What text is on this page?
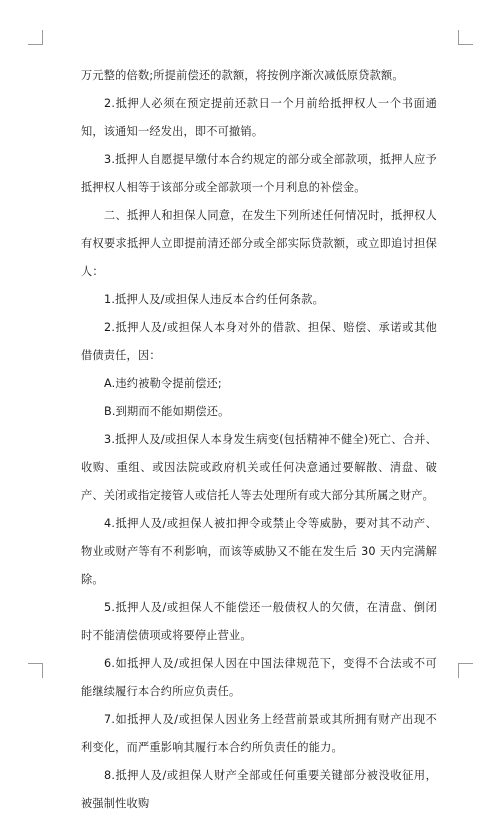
万元整的倍数;所提前偿还的款额，将按例序渐次减低原贷款额。

2.抵押人必须在预定提前还款日一个月前给抵押权人一个书面通知，该通知一经发出，即不可撤销。

3.抵押人自愿提早缴付本合约规定的部分或全部款项，抵押人应予抵押权人相等于该部分或全部款项一个月利息的补偿金。

二、抵押人和担保人同意，在发生下列所述任何情况时，抵押权人有权要求抵押人立即提前清还部分或全部实际贷款额，或立即追讨担保人：

1.抵押人及/或担保人违反本合约任何条款。

2.抵押人及/或担保人本身对外的借款、担保、赔偿、承诺或其他借债责任，因：

A.违约被勒令提前偿还;

B.到期而不能如期偿还。

3.抵押人及/或担保人本身发生病变(包括精神不健全)死亡、合并、收购、重组、或因法院或政府机关或任何决意通过要解散、清盘、破产、关闭或指定接管人或信托人等去处理所有或大部分其所属之财产。

4.抵押人及/或担保人被扣押令或禁止令等威胁，要对其不动产、物业或财产等有不利影响，而该等威胁又不能在发生后 30 天内完满解除。

5.抵押人及/或担保人不能偿还一般债权人的欠债，在清盘、倒闭时不能清偿债项或将要停止营业。

6.如抵押人及/或担保人因在中国法律规范下，变得不合法或不可能继续履行本合约所应负责任。

7.如抵押人及/或担保人因业务上经营前景或其所拥有财产出现不利变化，而严重影响其履行本合约所负责任的能力。

8.抵押人及/或担保人财产全部或任何重要关键部分被没收征用，被强制性收购
